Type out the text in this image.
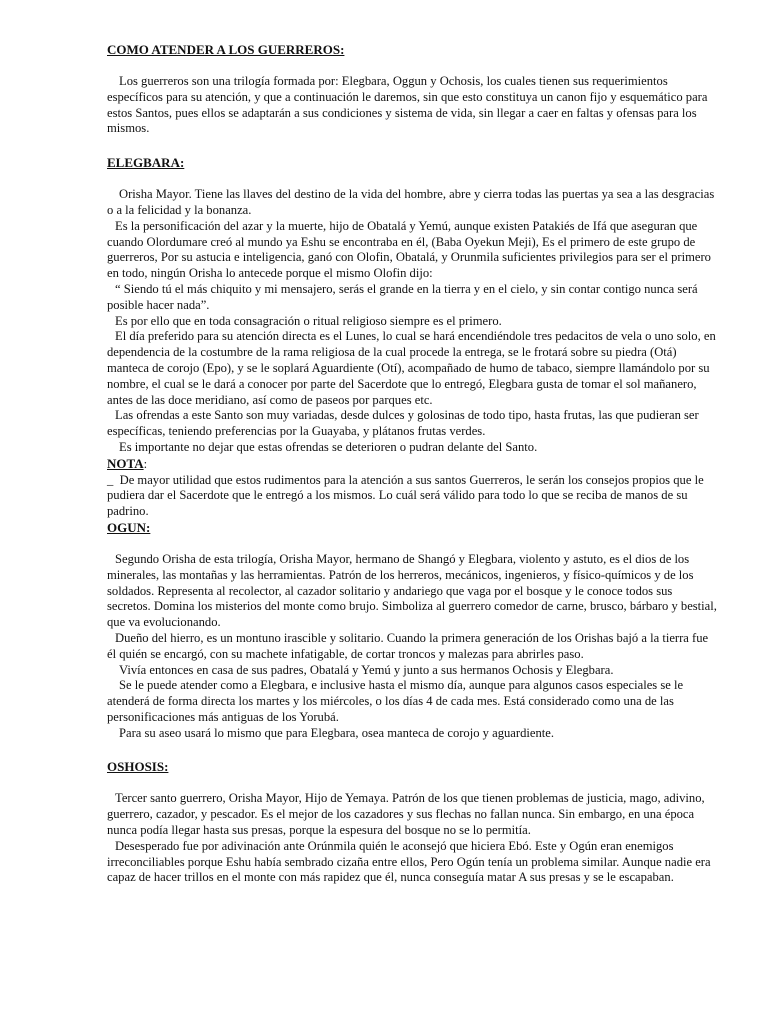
COMO ATENDER A LOS GUERREROS:

Los guerreros son una trilogía formada por: Elegbara, Oggun y Ochosis, los cuales tienen sus requerimientos específicos para su atención, y que a continuación le daremos, sin que esto constituya un canon fijo y esquemático para estos Santos, pues ellos se adaptarán a sus condiciones y sistema de vida, sin llegar a caer en faltas y ofensas para los mismos.

ELEGBARA:

Orisha Mayor. Tiene las llaves del destino de la vida del hombre, abre y cierra todas las puertas ya sea a las desgracias o a la felicidad y la bonanza.

Es la personificación del azar y la muerte, hijo de Obatalá y Yemú, aunque existen Patakiés de Ifá que aseguran que cuando Olordumare creó al mundo ya Eshu se encontraba en él, (Baba Oyekun Meji), Es el primero de este grupo de guerreros, Por su astucia e inteligencia, ganó con Olofin, Obatalá, y Orunmila suficientes privilegios para ser el primero en todo, ningún Orisha lo antecede porque el mismo Olofin dijo:

“ Siendo tú el más chiquito y mi mensajero, serás el grande en la tierra y en el cielo, y sin contar contigo nunca será posible hacer nada”.

Es por ello que en toda consagración o ritual religioso siempre es el primero.

El día preferido para su atención directa es el Lunes, lo cual se hará encendiéndole tres pedacitos de vela o uno solo, en dependencia de la costumbre de la rama religiosa de la cual procede la entrega, se le frotará sobre su piedra (Otá) manteca de corojo (Epo), y se le soplará Aguardiente (Otí), acompañado de humo de tabaco, siempre llamándolo por su nombre, el cual se le dará a conocer por parte del Sacerdote que lo entregó, Elegbara gusta de tomar el sol mañanero, antes de las doce meridiano, así como de paseos por parques etc.

Las ofrendas a este Santo son muy variadas, desde dulces y golosinas de todo tipo, hasta frutas, las que pudieran ser específicas, teniendo preferencias por la Guayaba, y plátanos frutas verdes.

Es importante no dejar que estas ofrendas se deterioren o pudran delante del Santo.

NOTA:

_ De mayor utilidad que estos rudimentos para la atención a sus santos Guerreros, le serán los consejos propios que le pudiera dar el Sacerdote que le entregó a los mismos. Lo cuál será válido para todo lo que se reciba de manos de su padrino.

OGUN:

Segundo Orisha de esta trilogía, Orisha Mayor, hermano de Shangó y Elegbara, violento y astuto, es el dios de los minerales, las montañas y las herramientas. Patrón de los herreros, mecánicos, ingenieros, y físico-químicos y de los soldados. Representa al recolector, al cazador solitario y andariego que vaga por el bosque y le conoce todos sus secretos. Domina los misterios del monte como brujo. Simboliza al guerrero comedor de carne, brusco, bárbaro y bestial, que va evolucionando.

Dueño del hierro, es un montuno irascible y solitario. Cuando la primera generación de los Orishas bajó a la tierra fue él quién se encargó, con su machete infatigable, de cortar troncos y malezas para abrirles paso.

Vivía entonces en casa de sus padres, Obatalá y Yemú y junto a sus hermanos Ochosis y Elegbara.

Se le puede atender como a Elegbara, e inclusive hasta el mismo día, aunque para algunos casos especiales se le atenderá de forma directa los martes y los miércoles, o los días 4 de cada mes. Está considerado como una de las personificaciones más antiguas de los Yorubá.

Para su aseo usará lo mismo que para Elegbara, osea manteca de corojo y aguardiente.

OSHOSIS:

Tercer santo guerrero, Orisha Mayor, Hijo de Yemaya. Patrón de los que tienen problemas de justicia, mago, adivino, guerrero, cazador, y pescador. Es el mejor de los cazadores y sus flechas no fallan nunca. Sin embargo, en una época nunca podía llegar hasta sus presas, porque la espesura del bosque no se lo permitía.

Desesperado fue por adivinación ante Orúnmila quién le aconsejó que hiciera Ebó. Este y Ogún eran enemigos irreconciliables porque Eshu había sembrado cizaña entre ellos, Pero Ogún tenía un problema similar. Aunque nadie era capaz de hacer trillos en el monte con más rapidez que él, nunca conseguía matar A sus presas y se le escapaban.
